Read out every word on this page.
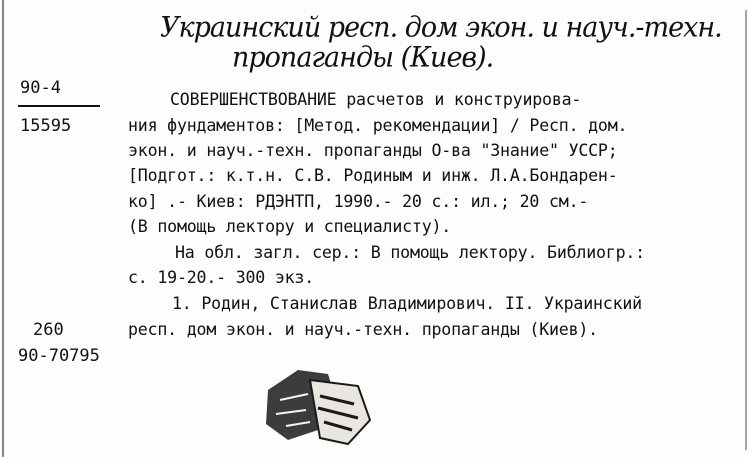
Украинский респ. дом экон. и науч.-техн.
пропаганды (Киев).
90-4
15595
260
90-70795
СОВЕРШЕНСТВОВАНИЕ расчетов и конструирова-
ния фундаментов: [Метод. рекомендации] / Респ. дом.
экон. и науч.-техн. пропаганды О-ва "Знание" УССР;
[Подгот.: к.т.н. С.В. Родиным и инж. Л.А.Бондарен-
ко] .- Киев: РДЭНТП, 1990.- 20 с.: ил.; 20 см.-
(В помощь лектору и специалисту).
На обл. загл. сер.: В помощь лектору. Библиогр.:
с. 19-20.- 300 экз.
1. Родин, Станислав Владимирович. II. Украинский
респ. дом экон. и науч.-техн. пропаганды (Киев).
